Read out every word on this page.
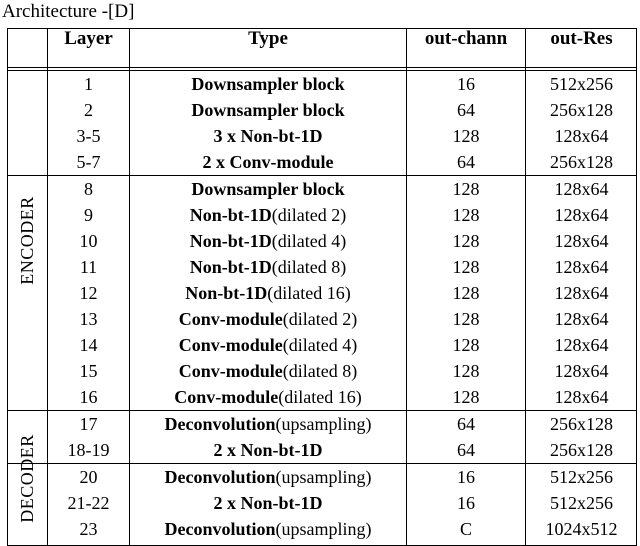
Architecture -[D]
Layer	Type	out-chann	out-Res
ENCODER
DECODER
1	Downsampler block	16	512x256
2	Downsampler block	64	256x128
3-5	3 x Non-bt-1D	128	128x64
5-7	2 x Conv-module	64	256x128
8	Downsampler block	128	128x64
9	Non-bt-1D(dilated 2)	128	128x64
10	Non-bt-1D(dilated 4)	128	128x64
11	Non-bt-1D(dilated 8)	128	128x64
12	Non-bt-1D(dilated 16)	128	128x64
13	Conv-module(dilated 2)	128	128x64
14	Conv-module(dilated 4)	128	128x64
15	Conv-module(dilated 8)	128	128x64
16	Conv-module(dilated 16)	128	128x64
17	Deconvolution(upsampling)	64	256x128
18-19	2 x Non-bt-1D	64	256x128
20	Deconvolution(upsampling)	16	512x256
21-22	2 x Non-bt-1D	16	512x256
23	Deconvolution(upsampling)	C	1024x512
